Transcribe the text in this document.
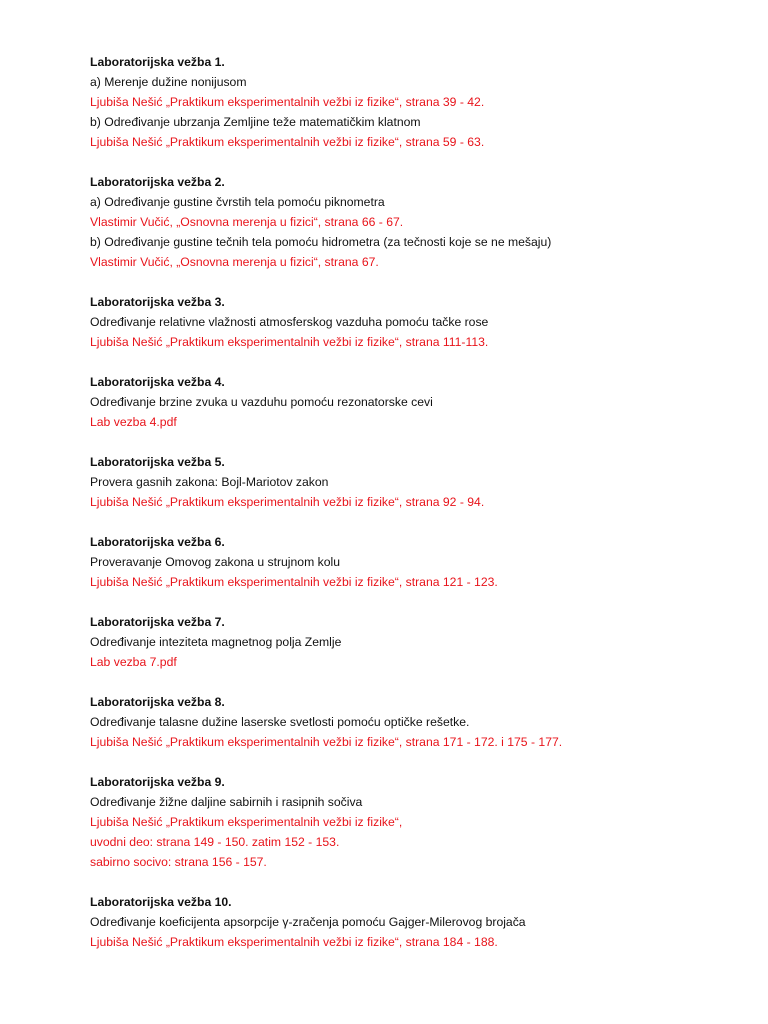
Laboratorijska vežba 1.
a) Merenje dužine nonijusom
Ljubiša Nešić „Praktikum eksperimentalnih vežbi iz fizike“, strana 39 - 42.
b) Određivanje ubrzanja Zemljine teže matematičkim klatnom
Ljubiša Nešić „Praktikum eksperimentalnih vežbi iz fizike“, strana 59 - 63.
Laboratorijska vežba 2.
a) Određivanje gustine čvrstih tela pomoću piknometra
Vlastimir Vučić, „Osnovna merenja u fizici“, strana 66 - 67.
b) Određivanje gustine tečnih tela pomoću hidrometra (za tečnosti koje se ne mešaju)
Vlastimir Vučić, „Osnovna merenja u fizici“, strana 67.
Laboratorijska vežba 3.
Određivanje relativne vlažnosti atmosferskog vazduha pomoću tačke rose
Ljubiša Nešić „Praktikum eksperimentalnih vežbi iz fizike“, strana 111-113.
Laboratorijska vežba 4.
Određivanje brzine zvuka u vazduhu pomoću rezonatorske cevi
Lab vezba 4.pdf
Laboratorijska vežba 5.
Provera gasnih zakona: Bojl-Mariotov zakon
Ljubiša Nešić „Praktikum eksperimentalnih vežbi iz fizike“, strana 92 - 94.
Laboratorijska vežba 6.
Proveravanje Omovog zakona u strujnom kolu
Ljubiša Nešić „Praktikum eksperimentalnih vežbi iz fizike“, strana 121 - 123.
Laboratorijska vežba 7.
Određivanje intezitеta magnetnog polja Zemlje
Lab vezba 7.pdf
Laboratorijska vežba 8.
Određivanje talasne dužine laserske svetlosti pomoću optičke rešetke.
Ljubiša Nešić „Praktikum eksperimentalnih vežbi iz fizike“, strana 171 - 172. i 175 - 177.
Laboratorijska vežba 9.
Određivanje žižne daljine sabirnih i rasipnih sočiva
Ljubiša Nešić „Praktikum eksperimentalnih vežbi iz fizike“,
uvodni deo: strana 149 - 150. zatim 152 - 153.
sabirno socivo: strana 156 - 157.
Laboratorijska vežba 10.
Određivanje koeficijenta apsorpcije γ-zračenja pomoću Gajger-Milerovog brojača
Ljubiša Nešić „Praktikum eksperimentalnih vežbi iz fizike“, strana 184 - 188.
